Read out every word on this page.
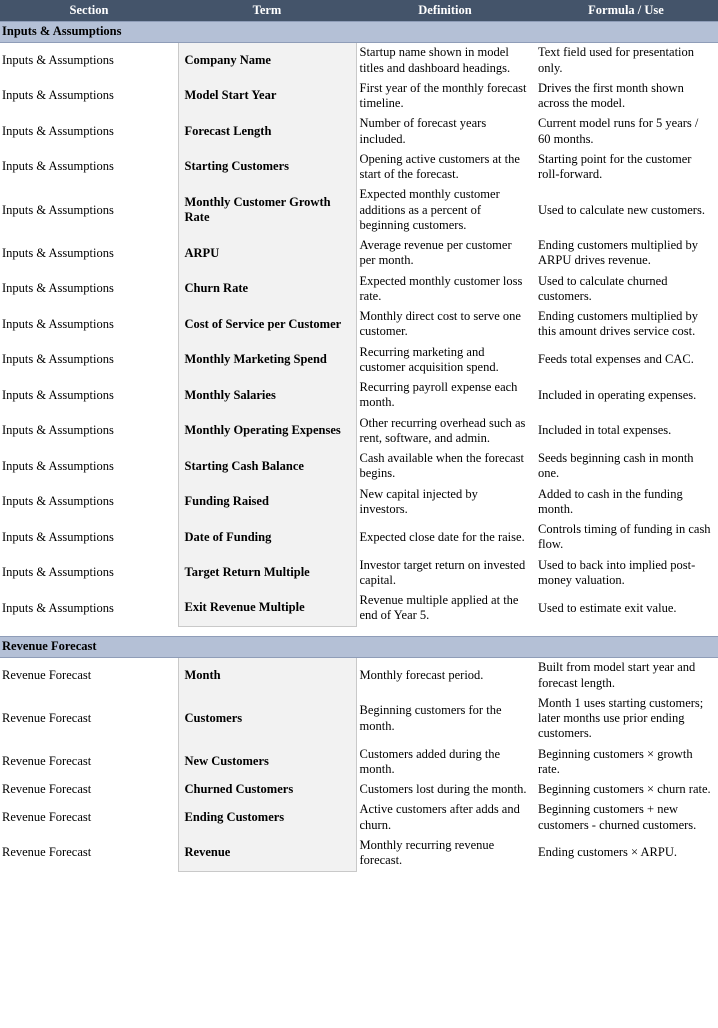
Section	Term	Definition	Formula / Use
Inputs & Assumptions			
Inputs & Assumptions	Company Name	Startup name shown in model titles and dashboard headings.	Text field used for presentation only.
Inputs & Assumptions	Model Start Year	First year of the monthly forecast timeline.	Drives the first month shown across the model.
Inputs & Assumptions	Forecast Length	Number of forecast years included.	Current model runs for 5 years / 60 months.
Inputs & Assumptions	Starting Customers	Opening active customers at the start of the forecast.	Starting point for the customer roll-forward.
Inputs & Assumptions	Monthly Customer Growth Rate	Expected monthly customer additions as a percent of beginning customers.	Used to calculate new customers.
Inputs & Assumptions	ARPU	Average revenue per customer per month.	Ending customers multiplied by ARPU drives revenue.
Inputs & Assumptions	Churn Rate	Expected monthly customer loss rate.	Used to calculate churned customers.
Inputs & Assumptions	Cost of Service per Customer	Monthly direct cost to serve one customer.	Ending customers multiplied by this amount drives service cost.
Inputs & Assumptions	Monthly Marketing Spend	Recurring marketing and customer acquisition spend.	Feeds total expenses and CAC.
Inputs & Assumptions	Monthly Salaries	Recurring payroll expense each month.	Included in operating expenses.
Inputs & Assumptions	Monthly Operating Expenses	Other recurring overhead such as rent, software, and admin.	Included in total expenses.
Inputs & Assumptions	Starting Cash Balance	Cash available when the forecast begins.	Seeds beginning cash in month one.
Inputs & Assumptions	Funding Raised	New capital injected by investors.	Added to cash in the funding month.
Inputs & Assumptions	Date of Funding	Expected close date for the raise.	Controls timing of funding in cash flow.
Inputs & Assumptions	Target Return Multiple	Investor target return on invested capital.	Used to back into implied post-money valuation.
Inputs & Assumptions	Exit Revenue Multiple	Revenue multiple applied at the end of Year 5.	Used to estimate exit value.

Revenue Forecast			
Revenue Forecast	Month	Monthly forecast period.	Built from model start year and forecast length.
Revenue Forecast	Customers	Beginning customers for the month.	Month 1 uses starting customers; later months use prior ending customers.
Revenue Forecast	New Customers	Customers added during the month.	Beginning customers × growth rate.
Revenue Forecast	Churned Customers	Customers lost during the month.	Beginning customers × churn rate.
Revenue Forecast	Ending Customers	Active customers after adds and churn.	Beginning customers + new customers - churned customers.
Revenue Forecast	Revenue	Monthly recurring revenue forecast.	Ending customers × ARPU.
